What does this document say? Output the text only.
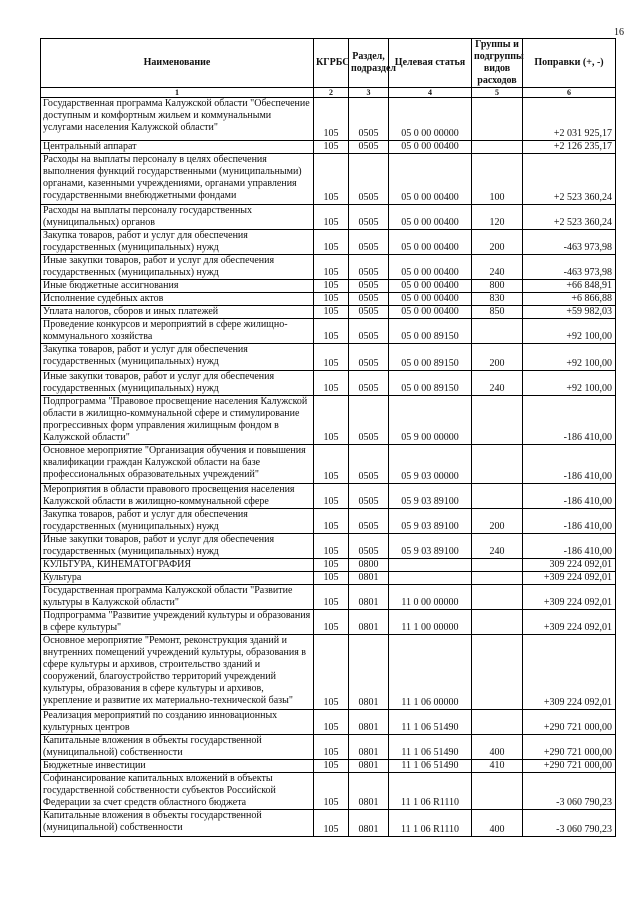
16
Наименование	КГРБС	Раздел, подраздел	Целевая статья	Группы и подгруппы видов расходов	Поправки (+, -)
1	2	3	4	5	6
Государственная программа Калужской области "Обеспечение доступным и комфортным жильем и коммунальными услугами населения Калужской области"	105	0505	05 0 00 00000		+2 031 925,17
Центральный аппарат	105	0505	05 0 00 00400		+2 126 235,17
Расходы на выплаты персоналу в целях обеспечения выполнения функций государственными (муниципальными) органами, казенными учреждениями, органами управления государственными внебюджетными фондами	105	0505	05 0 00 00400	100	+2 523 360,24
Расходы на выплаты персоналу государственных (муниципальных) органов	105	0505	05 0 00 00400	120	+2 523 360,24
Закупка товаров, работ и услуг для обеспечения государственных (муниципальных) нужд	105	0505	05 0 00 00400	200	-463 973,98
Иные закупки товаров, работ и услуг для обеспечения государственных (муниципальных) нужд	105	0505	05 0 00 00400	240	-463 973,98
Иные бюджетные ассигнования	105	0505	05 0 00 00400	800	+66 848,91
Исполнение судебных актов	105	0505	05 0 00 00400	830	+6 866,88
Уплата налогов, сборов и иных платежей	105	0505	05 0 00 00400	850	+59 982,03
Проведение конкурсов и мероприятий в сфере жилищно-коммунального хозяйства	105	0505	05 0 00 89150		+92 100,00
Закупка товаров, работ и услуг для обеспечения государственных (муниципальных) нужд	105	0505	05 0 00 89150	200	+92 100,00
Иные закупки товаров, работ и услуг для обеспечения государственных (муниципальных) нужд	105	0505	05 0 00 89150	240	+92 100,00
Подпрограмма "Правовое просвещение населения Калужской области в жилищно-коммунальной сфере и стимулирование прогрессивных форм управления жилищным фондом в Калужской области"	105	0505	05 9 00 00000		-186 410,00
Основное мероприятие "Организация обучения и повышения квалификации граждан Калужской области на базе профессиональных образовательных учреждений"	105	0505	05 9 03 00000		-186 410,00
Мероприятия в области правового просвещения населения Калужской области в жилищно-коммунальной сфере	105	0505	05 9 03 89100		-186 410,00
Закупка товаров, работ и услуг для обеспечения государственных (муниципальных) нужд	105	0505	05 9 03 89100	200	-186 410,00
Иные закупки товаров, работ и услуг для обеспечения государственных (муниципальных) нужд	105	0505	05 9 03 89100	240	-186 410,00
КУЛЬТУРА, КИНЕМАТОГРАФИЯ	105	0800			309 224 092,01
Культура	105	0801			+309 224 092,01
Государственная программа Калужской области "Развитие культуры в Калужской области"	105	0801	11 0 00 00000		+309 224 092,01
Подпрограмма "Развитие учреждений культуры и образования в сфере культуры"	105	0801	11 1 00 00000		+309 224 092,01
Основное мероприятие "Ремонт, реконструкция зданий и внутренних помещений учреждений культуры, образования в сфере культуры и архивов, строительство зданий и сооружений, благоустройство территорий учреждений культуры, образования в сфере культуры и архивов, укрепление и развитие их материально-технической базы"	105	0801	11 1 06 00000		+309 224 092,01
Реализация мероприятий по созданию инновационных культурных центров	105	0801	11 1 06 51490		+290 721 000,00
Капитальные вложения в объекты государственной (муниципальной) собственности	105	0801	11 1 06 51490	400	+290 721 000,00
Бюджетные инвестиции	105	0801	11 1 06 51490	410	+290 721 000,00
Софинансирование капитальных вложений в объекты государственной собственности субъектов Российской Федерации за счет средств областного бюджета	105	0801	11 1 06 R1110		-3 060 790,23
Капитальные вложения в объекты государственной (муниципальной) собственности	105	0801	11 1 06 R1110	400	-3 060 790,23
